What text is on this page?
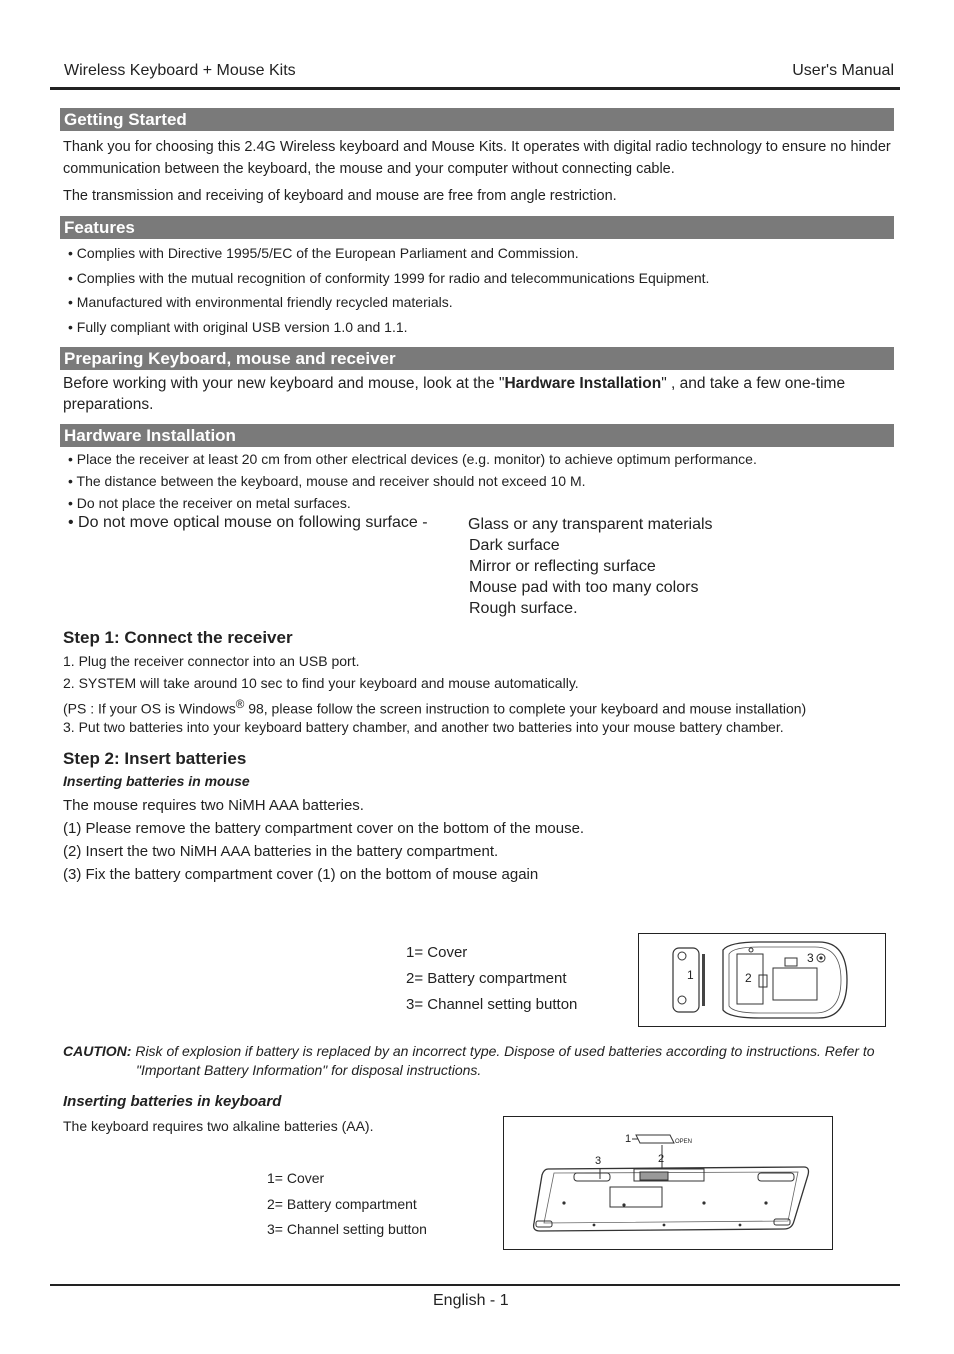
Wireless Keyboard + Mouse Kits	User's Manual
Getting Started
Thank you for choosing this 2.4G Wireless keyboard and Mouse Kits. It operates with digital radio technology to ensure no hinder communication between the keyboard, the mouse and your computer without connecting cable.
The transmission and receiving of keyboard and mouse are free from angle restriction.
Features
• Complies with Directive 1995/5/EC of the European Parliament and Commission.
• Complies with the mutual recognition of conformity 1999 for radio and telecommunications Equipment.
• Manufactured with environmental friendly recycled materials.
• Fully compliant with original USB version 1.0 and 1.1.
Preparing Keyboard, mouse and receiver
Before working with your new keyboard and mouse, look at the "Hardware Installation" , and take a few one-time preparations.
Hardware Installation
• Place the receiver at least 20 cm from other electrical devices (e.g. monitor) to achieve optimum performance.
• The distance between the keyboard, mouse and receiver should not exceed 10 M.
• Do not place the receiver on metal surfaces.
• Do not move optical mouse on following surface -	Glass or any transparent materials
Dark surface
Mirror or reflecting surface
Mouse pad with too many colors
Rough surface.
Step 1: Connect the receiver
1. Plug the receiver connector into an USB port.
2. SYSTEM will take around 10 sec to find your keyboard and mouse automatically.
(PS : If your OS is Windows® 98, please follow the screen instruction to complete your keyboard and mouse installation)
3. Put two batteries into your keyboard battery chamber, and another two batteries into your mouse battery chamber.
Step 2: Insert batteries
Inserting batteries in mouse
The mouse requires two NiMH AAA batteries.
(1) Please remove the battery compartment cover on the bottom of the mouse.
(2) Insert the two NiMH AAA batteries in the battery compartment.
(3) Fix the battery compartment cover (1) on the bottom of mouse again
1= Cover
2= Battery compartment
3= Channel setting button
1	2
3
CAUTION: Risk of explosion if battery is replaced by an incorrect type. Dispose of used batteries according to instructions. Refer to
"Important Battery Information" for disposal instructions.
Inserting batteries in keyboard
The keyboard requires two alkaline batteries (AA).
1= Cover
2= Battery compartment
3= Channel setting button
1	OPEN
3	2
English - 1
